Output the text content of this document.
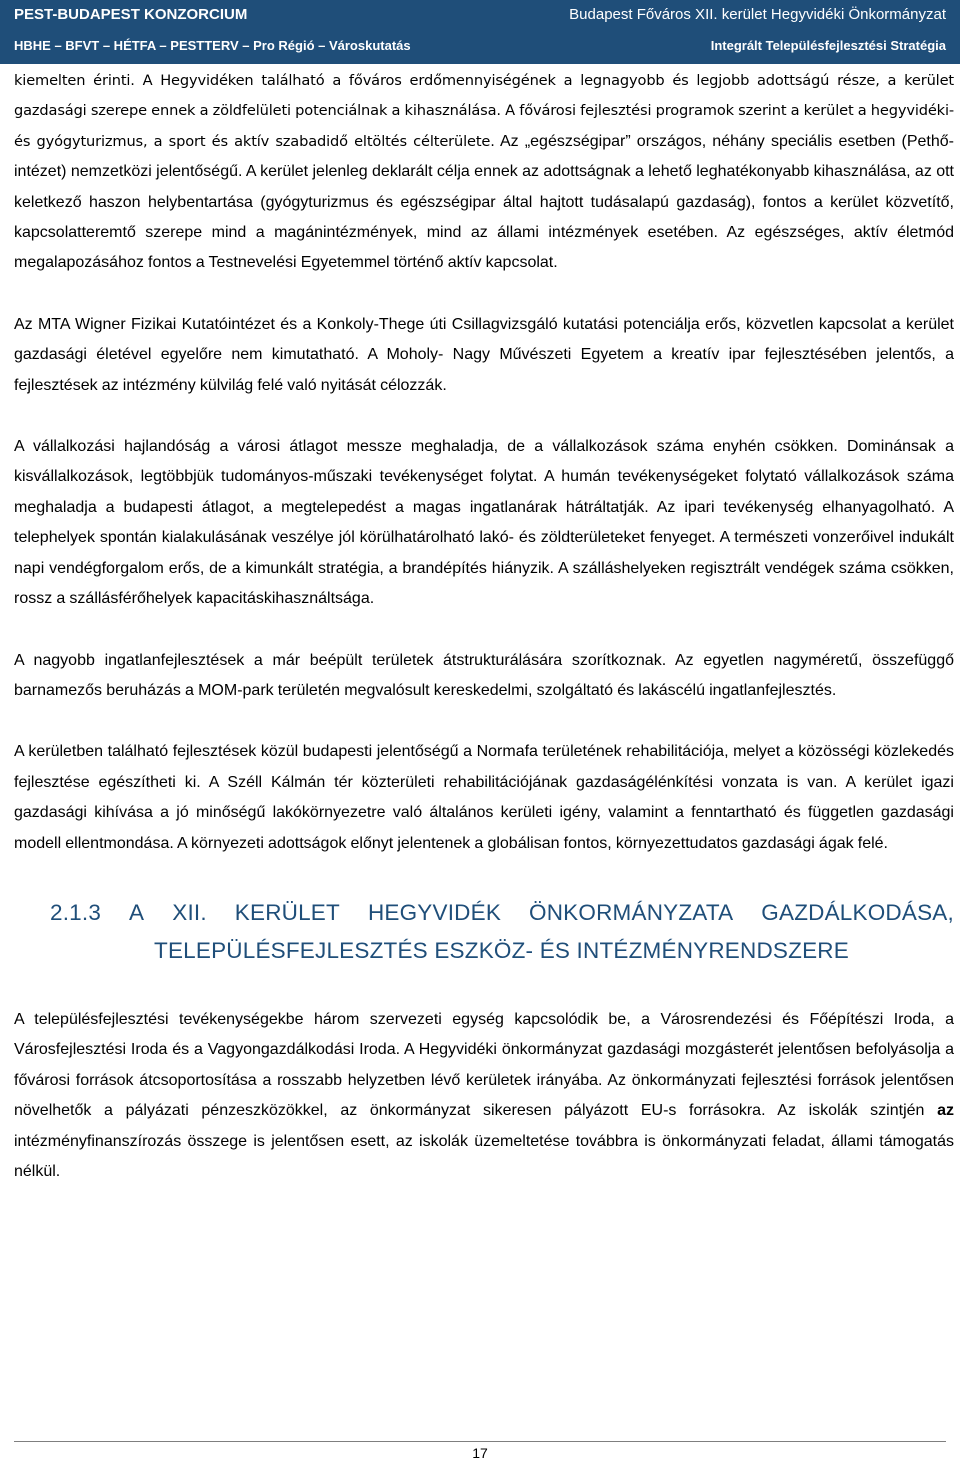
PEST-BUDAPEST KONZORCIUM	Budapest Főváros XII. kerület Hegyvidéki Önkormányzat
HBHE – BFVT – HÉTFA – PESTTERV – Pro Régió – Városkutatás	Integrált Településfejlesztési Stratégia

kiemelten érinti. A Hegyvidéken található a főváros erdőmennyiségének a legnagyobb és legjobb adottságú része, a kerület gazdasági szerepe ennek a zöldfelületi potenciálnak a kihasználása. A fővárosi fejlesztési programok szerint a kerület a hegyvidéki- és gyógyturizmus, a sport és aktív szabadidő eltöltés célterülete. Az „egészségipar” országos, néhány speciális esetben (Pethő-intézet) nemzetközi jelentőségű. A kerület jelenleg deklarált célja ennek az adottságnak a lehető leghatékonyabb kihasználása, az ott keletkező haszon helybentartása (gyógyturizmus és egészségipar által hajtott tudásalapú gazdaság), fontos a kerület közvetítő, kapcsolatteremtő szerepe mind a magánintézmények, mind az állami intézmények esetében. Az egészséges, aktív életmód megalapozásához fontos a Testnevelési Egyetemmel történő aktív kapcsolat.

Az MTA Wigner Fizikai Kutatóintézet és a Konkoly-Thege úti Csillagvizsgáló kutatási potenciálja erős, közvetlen kapcsolat a kerület gazdasági életével egyelőre nem kimutatható. A Moholy- Nagy Művészeti Egyetem a kreatív ipar fejlesztésében jelentős, a fejlesztések az intézmény külvilág felé való nyitását célozzák.

A vállalkozási hajlandóság a városi átlagot messze meghaladja, de a vállalkozások száma enyhén csökken. Dominánsak a kisvállalkozások, legtöbbjük tudományos-műszaki tevékenységet folytat. A humán tevékenységeket folytató vállalkozások száma meghaladja a budapesti átlagot, a megtelepedést a magas ingatlanárak hátráltatják. Az ipari tevékenység elhanyagolható. A telephelyek spontán kialakulásának veszélye jól körülhatárolható lakó- és zöldterületeket fenyeget. A természeti vonzerőivel indukált napi vendégforgalom erős, de a kimunkált stratégia, a brandépítés hiányzik. A szálláshelyeken regisztrált vendégek száma csökken, rossz a szállásférőhelyek kapacitáskihasználtsága.

A nagyobb ingatlanfejlesztések a már beépült területek átstrukturálására szorítkoznak. Az egyetlen nagyméretű, összefüggő barnamezős beruházás a MOM-park területén megvalósult kereskedelmi, szolgáltató és lakáscélú ingatlanfejlesztés.

A kerületben található fejlesztések közül budapesti jelentőségű a Normafa területének rehabilitációja, melyet a közösségi közlekedés fejlesztése egészítheti ki. A Széll Kálmán tér közterületi rehabilitációjának gazdaságélénkítési vonzata is van. A kerület igazi gazdasági kihívása a jó minőségű lakókörnyezetre való általános kerületi igény, valamint a fenntartható és független gazdasági modell ellentmondása. A környezeti adottságok előnyt jelentenek a globálisan fontos, környezettudatos gazdasági ágak felé.

2.1.3 A XII. KERÜLET HEGYVIDÉK ÖNKORMÁNYZATA GAZDÁLKODÁSA,
TELEPÜLÉSFEJLESZTÉS ESZKÖZ- ÉS INTÉZMÉNYRENDSZERE

A településfejlesztési tevékenységekbe három szervezeti egység kapcsolódik be, a Városrendezési és Főépítészi Iroda, a Városfejlesztési Iroda és a Vagyongazdálkodási Iroda. A Hegyvidéki önkormányzat gazdasági mozgásterét jelentősen befolyásolja a fővárosi források átcsoportosítása a rosszabb helyzetben lévő kerületek irányába. Az önkormányzati fejlesztési források jelentősen növelhetők a pályázati pénzeszközökkel, az önkormányzat sikeresen pályázott EU-s forrásokra. Az iskolák szintjén az intézményfinanszírozás összege is jelentősen esett, az iskolák üzemeltetése továbbra is önkormányzati feladat, állami támogatás nélkül.

17
